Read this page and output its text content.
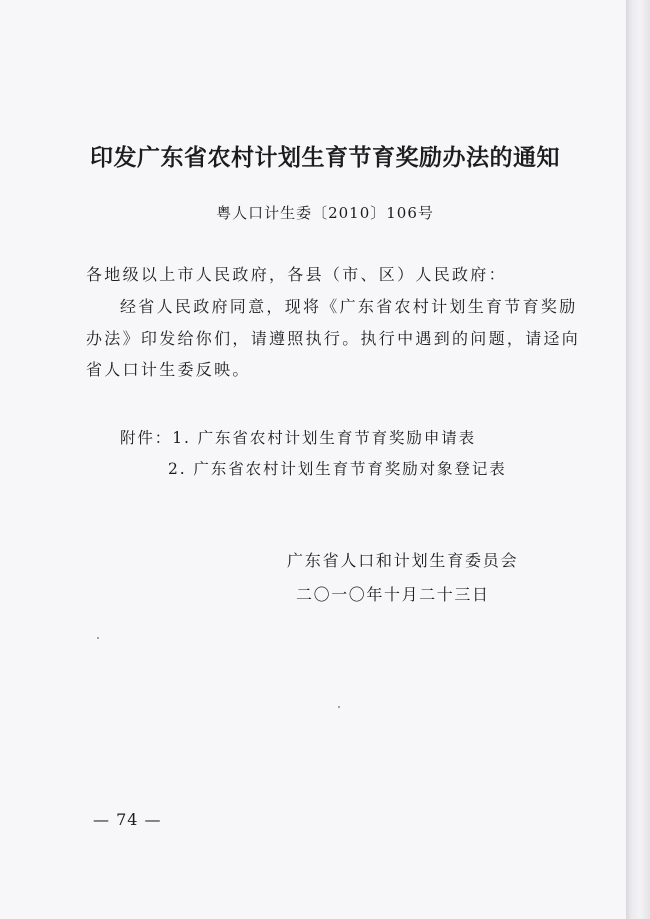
印发广东省农村计划生育节育奖励办法的通知
粤人口计生委〔2010〕106号
各地级以上市人民政府，各县（市、区）人民政府：
经省人民政府同意，现将《广东省农村计划生育节育奖励
办法》印发给你们，请遵照执行。执行中遇到的问题，请迳向
省人口计生委反映。
附件：1. 广东省农村计划生育节育奖励申请表
2. 广东省农村计划生育节育奖励对象登记表
广东省人口和计划生育委员会
二〇一〇年十月二十三日
— 74 —
